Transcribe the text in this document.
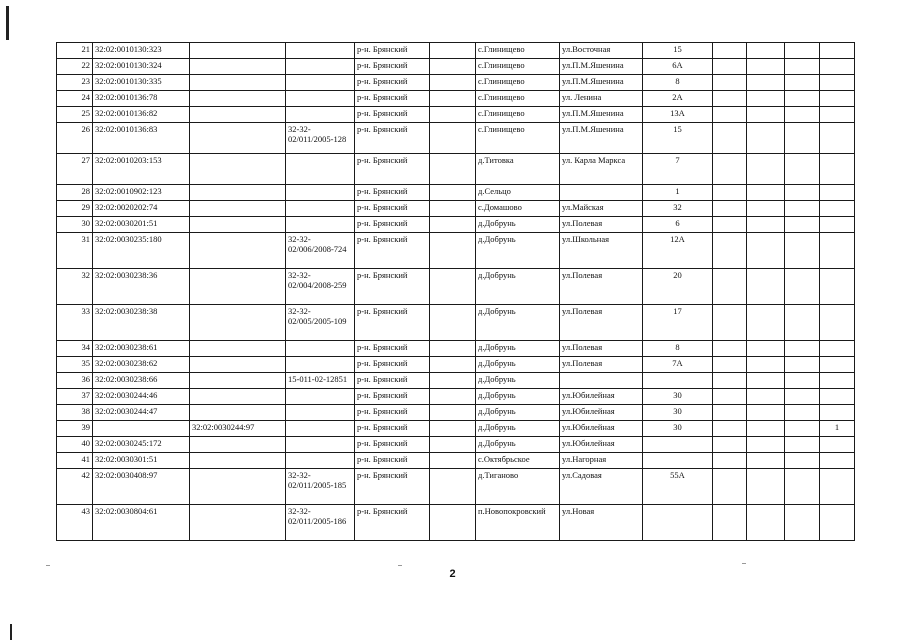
21	32:02:0010130:323			р-н. Брянский		с.Глинищево	ул.Восточная	15				
22	32:02:0010130:324			р-н. Брянский		с.Глинищево	ул.П.М.Яшенина	6А				
23	32:02:0010130:335			р-н. Брянский		с.Глинищево	ул.П.М.Яшенина	8				
24	32:02:0010136:78			р-н. Брянский		с.Глинищево	ул. Ленина	2А				
25	32:02:0010136:82			р-н. Брянский		с.Глинищево	ул.П.М.Яшенина	13А				
26	32:02:0010136:83		32-32-02/011/2005-128	р-н. Брянский		с.Глинищево	ул.П.М.Яшенина	15				
27	32:02:0010203:153			р-н. Брянский		д.Титовка	ул. Карла Маркса	7				
28	32:02:0010902:123			р-н. Брянский		д.Сельцо		1				
29	32:02:0020202:74			р-н. Брянский		с.Домашово	ул.Майская	32				
30	32:02:0030201:51			р-н. Брянский		д.Добрунь	ул.Полевая	6				
31	32:02:0030235:180		32-32-02/006/2008-724	р-н. Брянский		д.Добрунь	ул.Школьная	12А				
32	32:02:0030238:36		32-32-02/004/2008-259	р-н. Брянский		д.Добрунь	ул.Полевая	20				
33	32:02:0030238:38		32-32-02/005/2005-109	р-н. Брянский		д.Добрунь	ул.Полевая	17				
34	32:02:0030238:61			р-н. Брянский		д.Добрунь	ул.Полевая	8				
35	32:02:0030238:62			р-н. Брянский		д.Добрунь	ул.Полевая	7А				
36	32:02:0030238:66		15-011-02-12851	р-н. Брянский		д.Добрунь						
37	32:02:0030244:46			р-н. Брянский		д.Добрунь	ул.Юбилейная	30				
38	32:02:0030244:47			р-н. Брянский		д.Добрунь	ул.Юбилейная	30				
39		32:02:0030244:97		р-н. Брянский		д.Добрунь	ул.Юбилейная	30				1
40	32:02:0030245:172			р-н. Брянский		д.Добрунь	ул.Юбилейная					
41	32:02:0030301:51			р-н. Брянский		с.Октябрьское	ул.Нагорная					
42	32:02:0030408:97		32-32-02/011/2005-185	р-н. Брянский		д.Тиганово	ул.Садовая	55А				
43	32:02:0030804:61		32-32-02/011/2005-186	р-н. Брянский		п.Новопокровский	ул.Новая					
2
